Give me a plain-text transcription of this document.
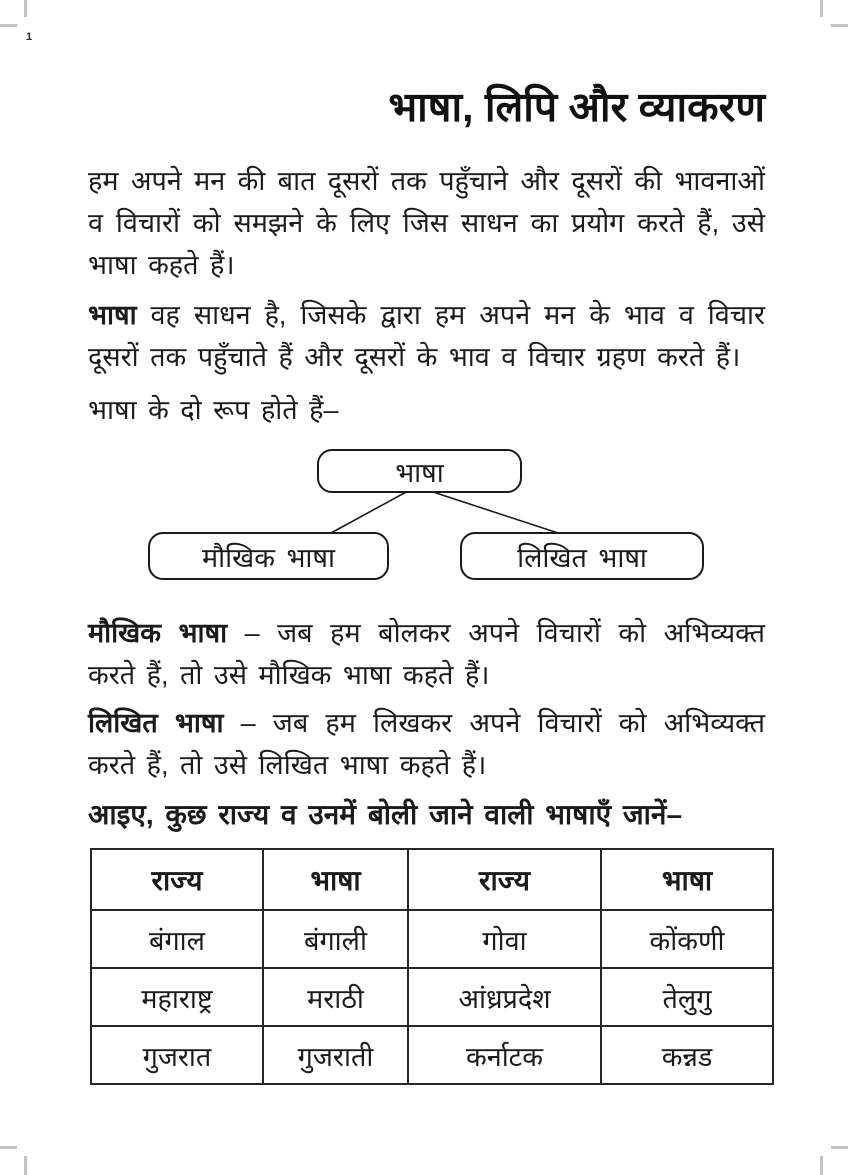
1

भाषा, लिपि और व्याकरण

हम अपने मन की बात दूसरों तक पहुँचाने और दूसरों की भावनाओं व विचारों को समझने के लिए जिस साधन का प्रयोग करते हैं, उसे भाषा कहते हैं।

भाषा वह साधन है, जिसके द्वारा हम अपने मन के भाव व विचार दूसरों तक पहुँचाते हैं और दूसरों के भाव व विचार ग्रहण करते हैं।

भाषा के दो रूप होते हैं–

भाषा
मौखिक भाषा	लिखित भाषा

मौखिक भाषा – जब हम बोलकर अपने विचारों को अभिव्यक्त करते हैं, तो उसे मौखिक भाषा कहते हैं।

लिखित भाषा – जब हम लिखकर अपने विचारों को अभिव्यक्त करते हैं, तो उसे लिखित भाषा कहते हैं।

आइए, कुछ राज्य व उनमें बोली जाने वाली भाषाएँ जानें–

राज्य	भाषा	राज्य	भाषा
बंगाल	बंगाली	गोवा	कोंकणी
महाराष्ट्र	मराठी	आंध्रप्रदेश	तेलुगु
गुजरात	गुजराती	कर्नाटक	कन्नड
